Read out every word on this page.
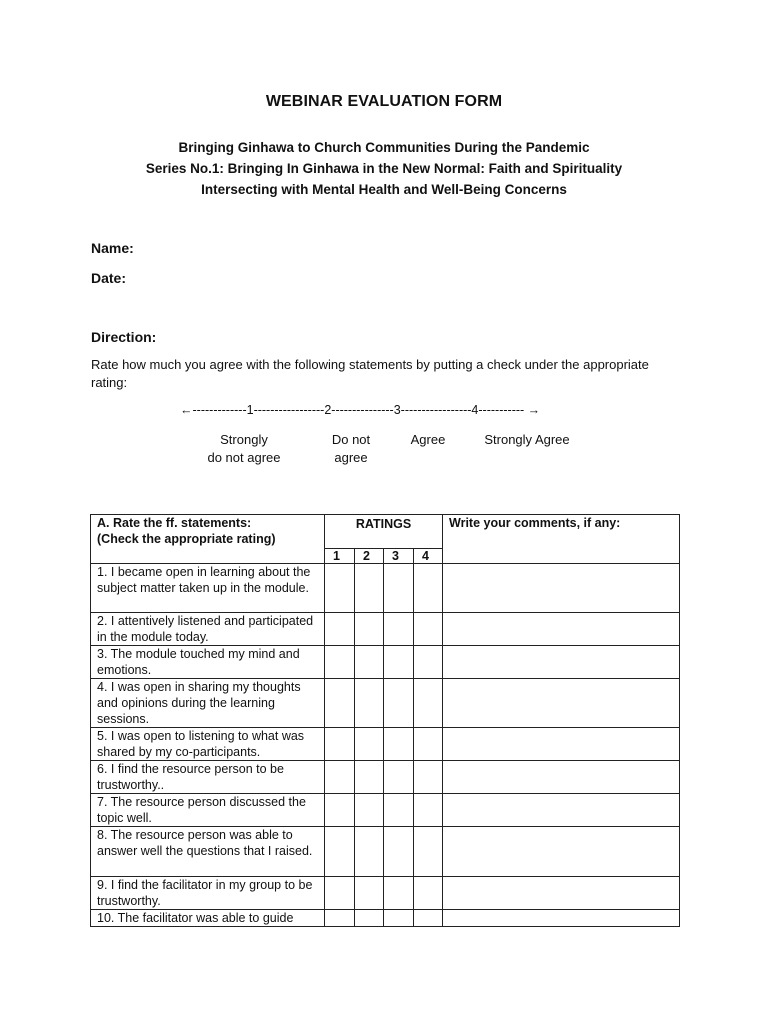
WEBINAR EVALUATION FORM
Bringing Ginhawa to Church Communities During the Pandemic
Series No.1: Bringing In Ginhawa in the New Normal: Faith and Spirituality
Intersecting with Mental Health and Well-Being Concerns
Name:
Date:
Direction:
Rate how much you agree with the following statements by putting a check under the appropriate rating:
←-------------1-----------------2---------------3-----------------4----------- →
Strongly
do not agree
Do not
agree
Agree	Strongly Agree
A. Rate the ff. statements:
(Check the appropriate rating)	RATINGS				Write your comments, if any:
	1	2	3	4	
1. I became open in learning about the subject matter taken up in the module.					
2. I attentively listened and participated in the module today.					
3. The module touched my mind and emotions.					
4. I was open in sharing my thoughts and opinions during the learning sessions.					
5. I was open to listening to what was shared by my co-participants.					
6. I find the resource person to be trustworthy..					
7. The resource person discussed the topic well.					
8. The resource person was able to answer well the questions that I raised.					
9. I find the facilitator in my group to be trustworthy.					
10. The facilitator was able to guide					
